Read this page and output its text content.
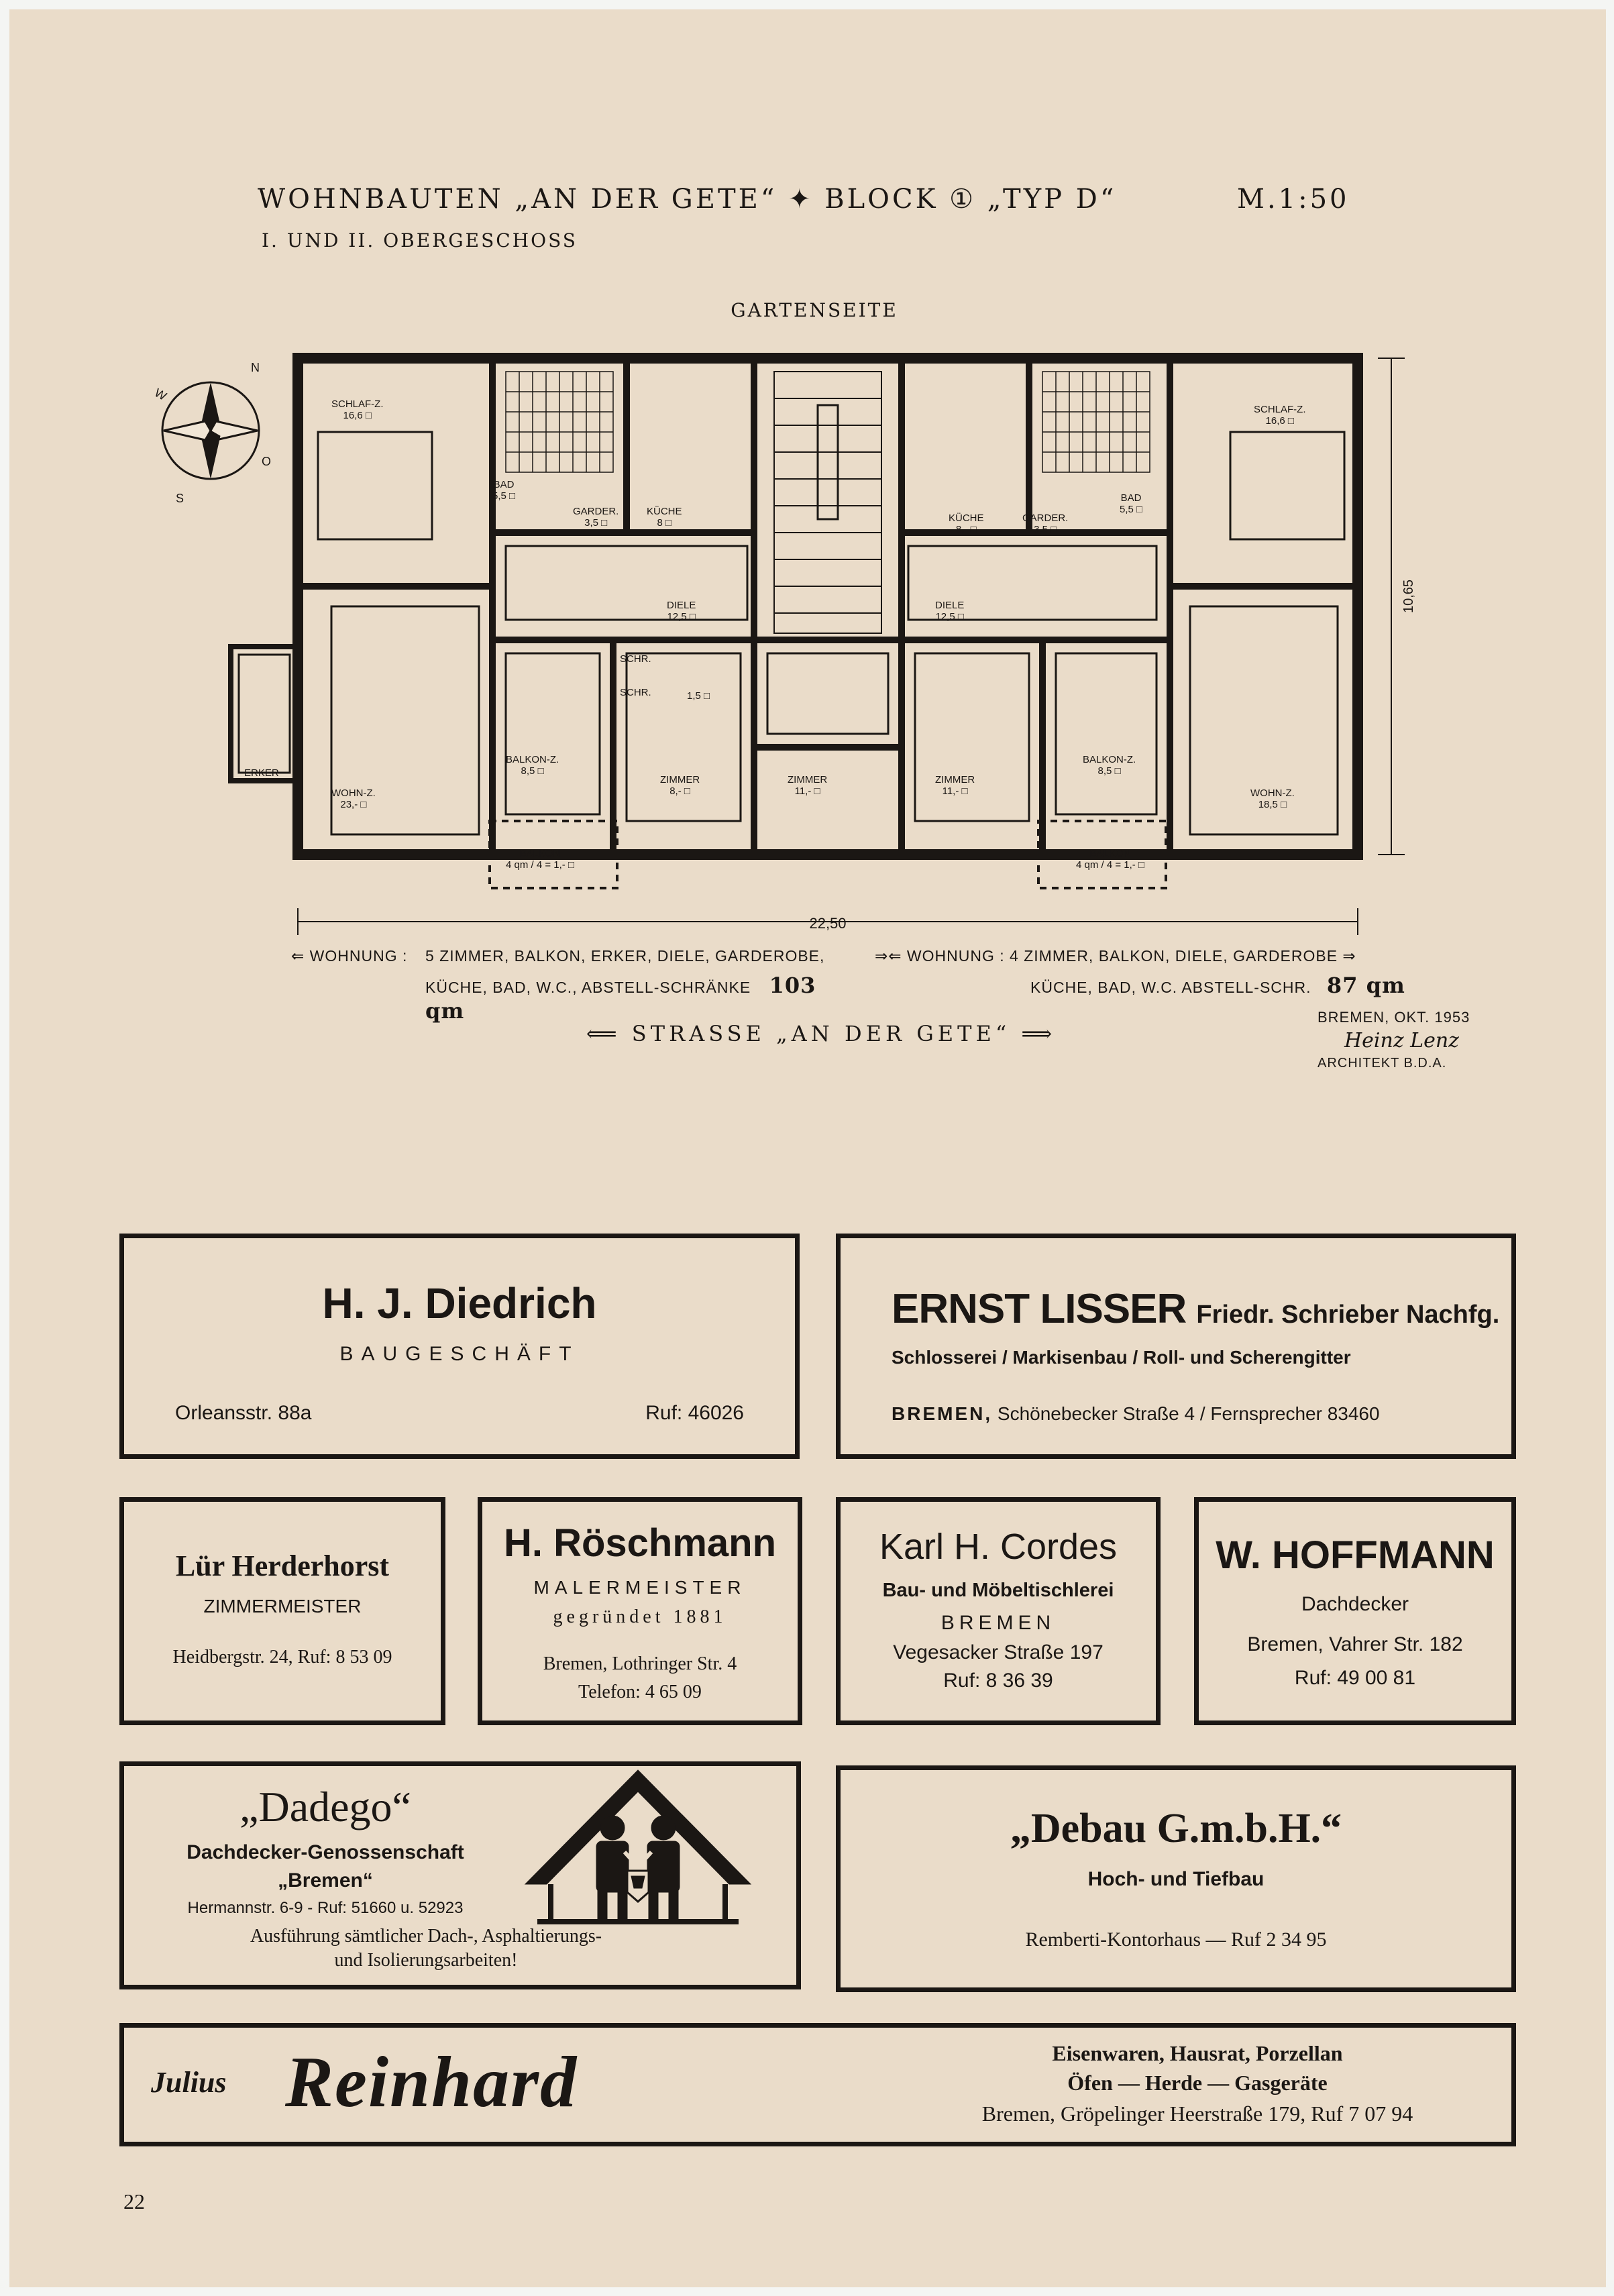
WOHNBAUTEN „AN DER GETE“ ✦ BLOCK ① „TYP D“	M.1:50
I. UND II. OBERGESCHOSS
GARTENSEITE
22,50
10,65
W
N
O
S
SCHLAF-Z.
16,6 □
BAD
5,5 □
GARDER.
3,5 □
KÜCHE
8 □
DIELE
12,5 □
DIELE
12,5 □
KÜCHE
8,- □
GARDER.
3,5 □
BAD
5,5 □
SCHLAF-Z.
16,6 □
ERKER
WOHN-Z.
23,- □
BALKON-Z.
8,5 □
BALKON
4 qm / 4 = 1,- □
SCHR.
SCHR.	1,5 □
ZIMMER
8,- □
ZIMMER
11,- □
ZIMMER
11,- □
BALKON-Z.
8,5 □
BALKON
4 qm / 4 = 1,- □
WOHN-Z.
18,5 □
⇐ WOHNUNG : 5 ZIMMER, BALKON, ERKER, DIELE, GARDEROBE,
KÜCHE, BAD, W.C., ABSTELL-SCHRÄNKE 103 qm
⇒⇐ WOHNUNG : 4 ZIMMER, BALKON, DIELE, GARDEROBE ⇒
KÜCHE, BAD, W.C. ABSTELL-SCHR. 87 qm
⟸ STRASSE „AN DER GETE“ ⟹
BREMEN, OKT. 1953
Heinz Lenz
ARCHITEKT B.D.A.
H. J. Diedrich
BAUGESCHÄFT
Orleansstr. 88a	Ruf: 46026
ERNST LISSER Friedr. Schrieber Nachfg.
Schlosserei / Markisenbau / Roll- und Scherengitter
BREMEN, Schönebecker Straße 4 / Fernsprecher 83460
Lür Herderhorst
ZIMMERMEISTER
Heidbergstr. 24, Ruf: 8 53 09
H. Röschmann
MALERMEISTER
gegründet 1881
Bremen, Lothringer Str. 4
Telefon: 4 65 09
Karl H. Cordes
Bau- und Möbeltischlerei
BREMEN
Vegesacker Straße 197
Ruf: 8 36 39
W. HOFFMANN
Dachdecker
Bremen, Vahrer Str. 182
Ruf: 49 00 81
„Dadego“
Dachdecker-Genossenschaft
„Bremen“
Hermannstr. 6-9 - Ruf: 51660 u. 52923
Ausführung sämtlicher Dach-, Asphaltierungs-
und Isolierungsarbeiten!
„Debau G.m.b.H.“
Hoch- und Tiefbau
Remberti-Kontorhaus — Ruf 2 34 95
Julius Reinhard	Eisenwaren, Hausrat, Porzellan
Öfen — Herde — Gasgeräte
Bremen, Gröpelinger Heerstraße 179, Ruf 7 07 94
22
